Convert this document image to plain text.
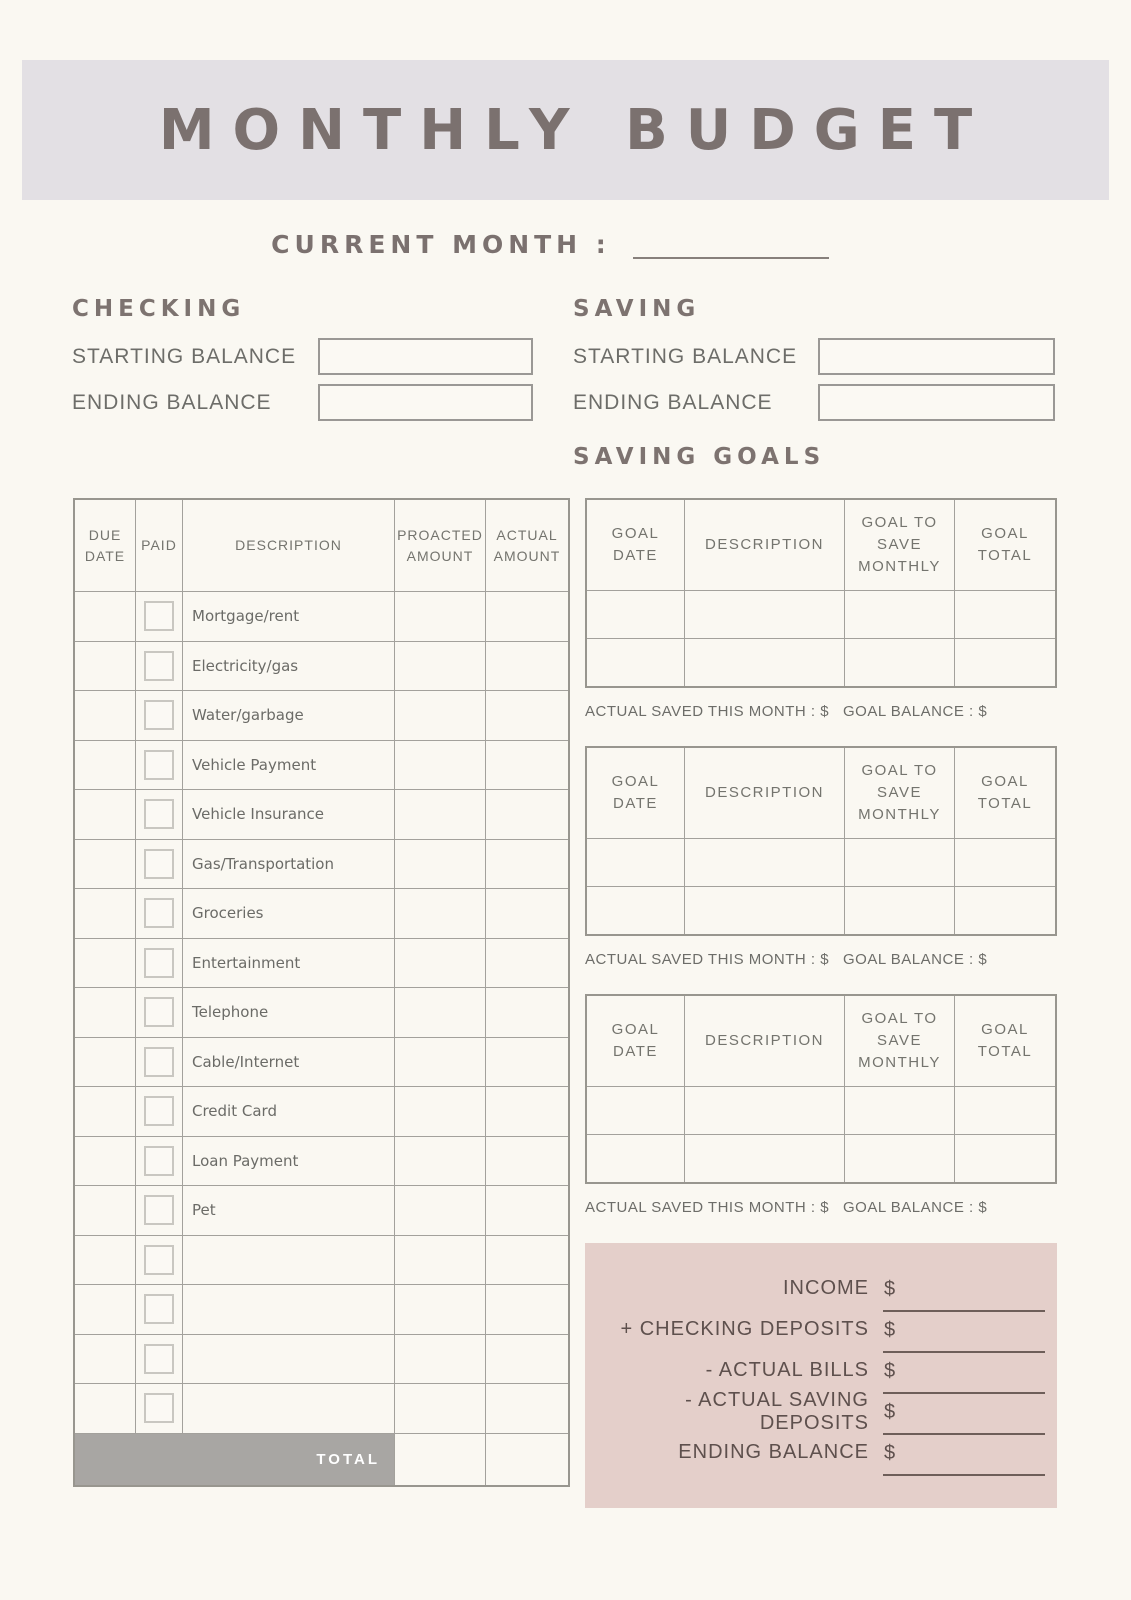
MONTHLY BUDGET
CURRENT MONTH :
CHECKING
STARTING BALANCE
ENDING BALANCE
SAVING
STARTING BALANCE
ENDING BALANCE
SAVING GOALS
DUE DATE
PAID	DESCRIPTION
PROACTED AMOUNT
ACTUAL AMOUNT
Mortgage/rent
Electricity/gas
Water/garbage
Vehicle Payment
Vehicle Insurance
Gas/Transportation
Groceries
Entertainment
Telephone
Cable/Internet
Credit Card
Loan Payment
Pet
TOTAL
GOAL DATE
DESCRIPTION
GOAL TO SAVE MONTHLY
GOAL TOTAL
ACTUAL SAVED THIS MONTH : $ GOAL BALANCE : $
GOAL DATE
DESCRIPTION
GOAL TO SAVE MONTHLY
GOAL TOTAL
ACTUAL SAVED THIS MONTH : $ GOAL BALANCE : $
GOAL DATE
DESCRIPTION
GOAL TO SAVE MONTHLY
GOAL TOTAL
ACTUAL SAVED THIS MONTH : $ GOAL BALANCE : $
INCOME $
+ CHECKING DEPOSITS $
- ACTUAL BILLS $
- ACTUAL SAVING DEPOSITS $
ENDING BALANCE $
